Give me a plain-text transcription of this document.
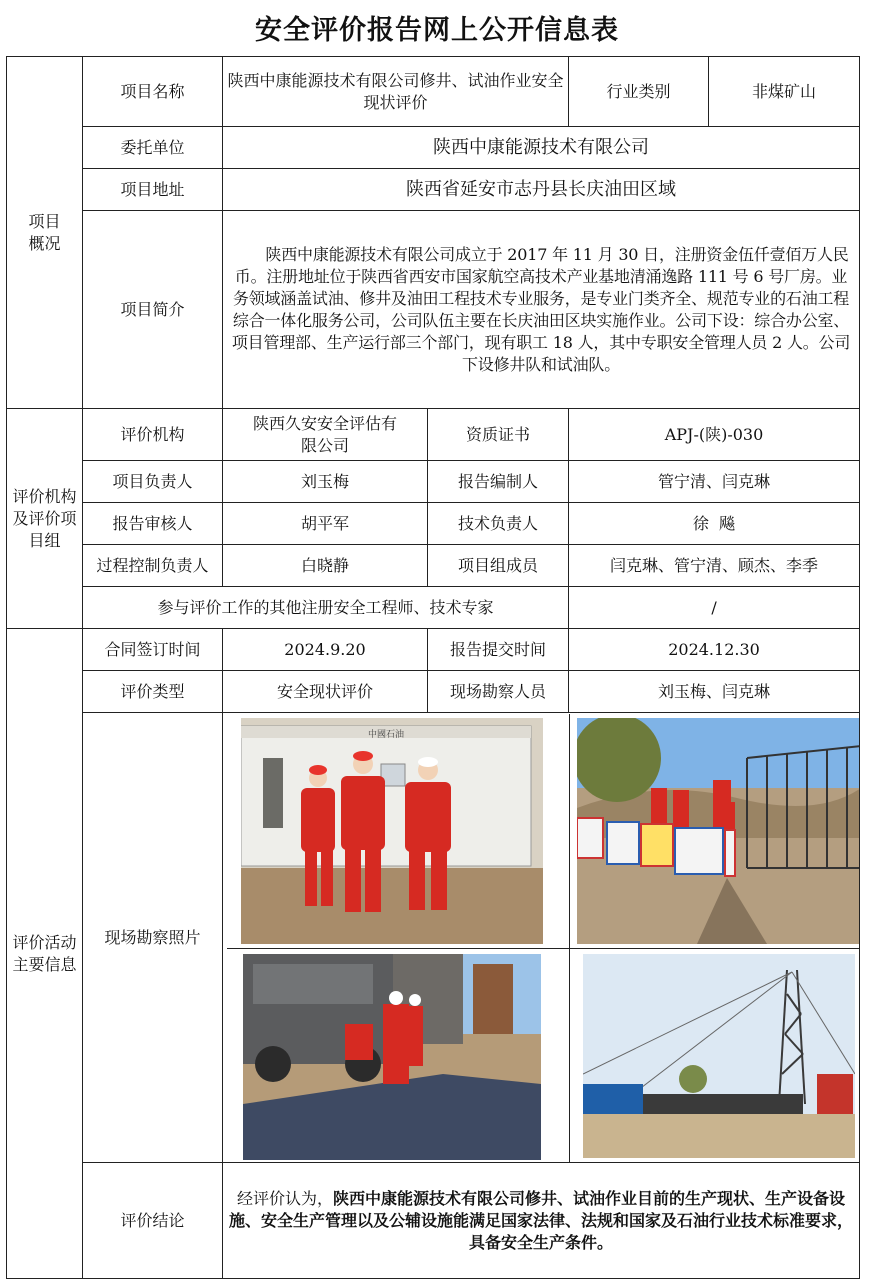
安全评价报告网上公开信息表
项目
概况	项目名称	陕西中康能源技术有限公司修井、试油作业安全现状评价		行业类别	非煤矿山
	委托单位	陕西中康能源技术有限公司			
	项目地址	陕西省延安市志丹县长庆油田区域			
	项目简介	陕西中康能源技术有限公司成立于 2017 年 11 月 30 日，注册资金伍仟壹佰万人民币。注册地址位于陕西省西安市国家航空高技术产业基地清涌逸路 111 号 6 号厂房。业务领域涵盖试油、修井及油田工程技术专业服务，是专业门类齐全、规范专业的石油工程综合一体化服务公司，公司队伍主要在长庆油田区块实施作业。公司下设：综合办公室、项目管理部、生产运行部三个部门，现有职工 18 人，其中专职安全管理人员 2 人。公司下设修井队和试油队。			
评价机构
及评价项
目组	评价机构	陕西久安安全评估有限公司	资质证书	APJ-(陕)-030	
	项目负责人	刘玉梅	报告编制人	管宁清、闫克琳	
	报告审核人	胡平军	技术负责人	徐  飚	
	过程控制负责人	白晓静	项目组成员	闫克琳、管宁清、顾杰、李季	
	参与评价工作的其他注册安全工程师、技术专家			/	
评价活动
主要信息	合同签订时间	2024.9.20	报告提交时间	2024.12.30	
	评价类型	安全现状评价	现场勘察人员	刘玉梅、闫克琳	
	现场勘察照片	中國石油			

	评价结论	经评价认为，陕西中康能源技术有限公司修井、试油作业目前的生产现状、生产设备设施、安全生产管理以及公辅设施能满足国家法律、法规和国家及石油行业技术标准要求，具备安全生产条件。			
